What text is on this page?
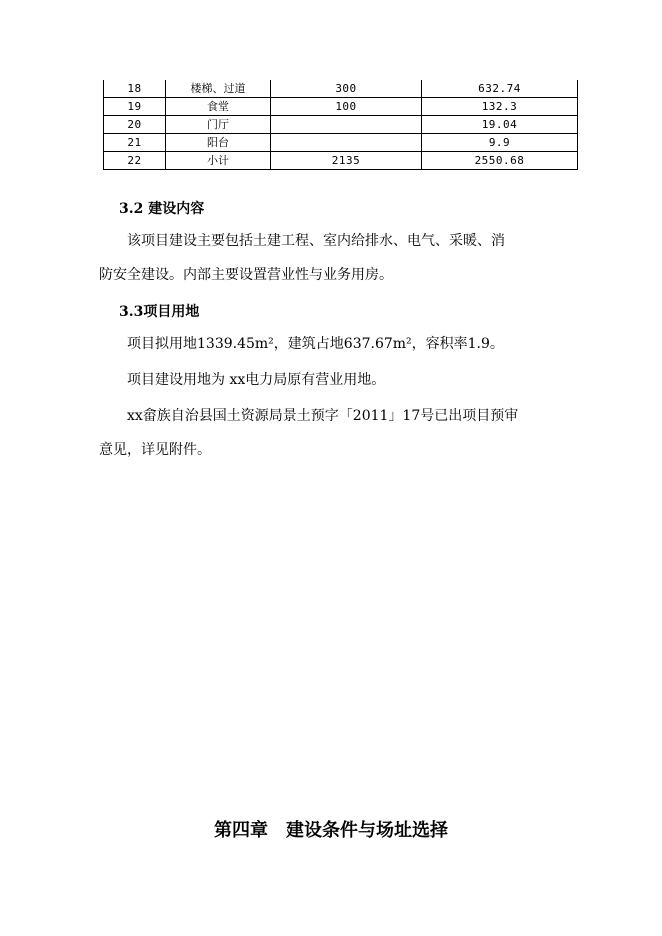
18	楼梯、过道	300	632.74
19	食堂	100	132.3
20	门厅		19.04
21	阳台		9.9
22	小计	2135	2550.68
3.2 建设内容
该项目建设主要包括土建工程、室内给排水、电气、采暖、消
防安全建设。内部主要设置营业性与业务用房。
3.3项目用地
项目拟用地1339.45m²，建筑占地637.67m²，容积率1.9。
项目建设用地为 xx电力局原有营业用地。
xx畲族自治县国土资源局景土预字「2011」17号已出项目预审
意见，详见附件。
第四章　建设条件与场址选择
